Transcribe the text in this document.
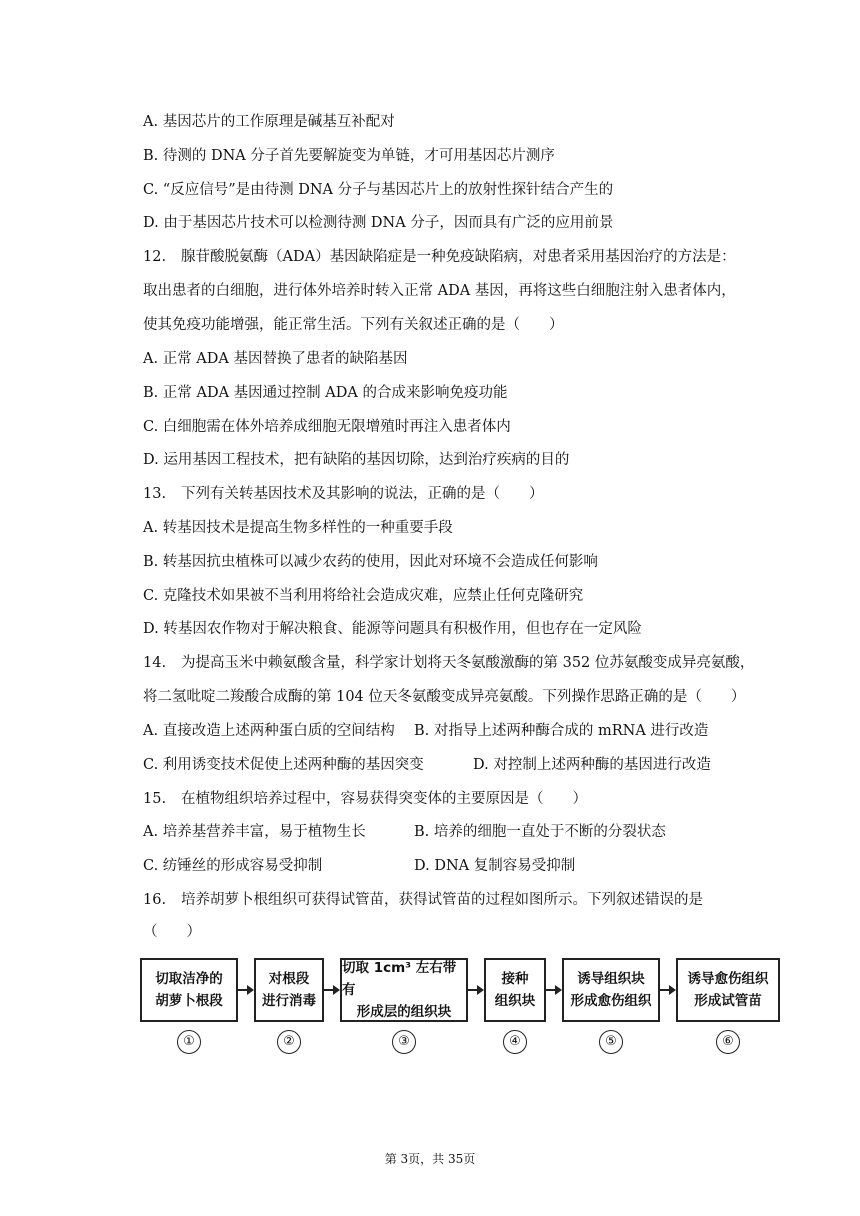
A. 基因芯片的工作原理是碱基互补配对
B. 待测的 DNA 分子首先要解旋变为单链，才可用基因芯片测序
C. “反应信号”是由待测 DNA 分子与基因芯片上的放射性探针结合产生的
D. 由于基因芯片技术可以检测待测 DNA 分子，因而具有广泛的应用前景
12. 腺苷酸脱氨酶（ADA）基因缺陷症是一种免疫缺陷病，对患者采用基因治疗的方法是：
取出患者的白细胞，进行体外培养时转入正常 ADA 基因，再将这些白细胞注射入患者体内，
使其免疫功能增强，能正常生活。下列有关叙述正确的是（　　）
A. 正常 ADA 基因替换了患者的缺陷基因
B. 正常 ADA 基因通过控制 ADA 的合成来影响免疫功能
C. 白细胞需在体外培养成细胞无限增殖时再注入患者体内
D. 运用基因工程技术，把有缺陷的基因切除，达到治疗疾病的目的
13. 下列有关转基因技术及其影响的说法，正确的是（　　）
A. 转基因技术是提高生物多样性的一种重要手段
B. 转基因抗虫植株可以减少农药的使用，因此对环境不会造成任何影响
C. 克隆技术如果被不当利用将给社会造成灾难，应禁止任何克隆研究
D. 转基因农作物对于解决粮食、能源等问题具有积极作用，但也存在一定风险
14. 为提高玉米中赖氨酸含量，科学家计划将天冬氨酸激酶的第 352 位苏氨酸变成异亮氨酸，
将二氢吡啶二羧酸合成酶的第 104 位天冬氨酸变成异亮氨酸。下列操作思路正确的是（　　）
A. 直接改造上述两种蛋白质的空间结构 B. 对指导上述两种酶合成的 mRNA 进行改造
C. 利用诱变技术促使上述两种酶的基因突变	D. 对控制上述两种酶的基因进行改造
15. 在植物组织培养过程中，容易获得突变体的主要原因是（　　）
A. 培养基营养丰富，易于植物生长	B. 培养的细胞一直处于不断的分裂状态
C. 纺锤丝的形成容易受抑制	D. DNA 复制容易受抑制
16. 培养胡萝卜根组织可获得试管苗，获得试管苗的过程如图所示。下列叙述错误的是
（　　）
切取洁净的
胡萝卜根段
对根段
进行消毒
切取 1cm³ 左右带有
形成层的组织块
接种
组织块
诱导组织块
形成愈伤组织
诱导愈伤组织
形成试管苗
①	②	③	④	⑤	⑥
第 3页，共 35页
